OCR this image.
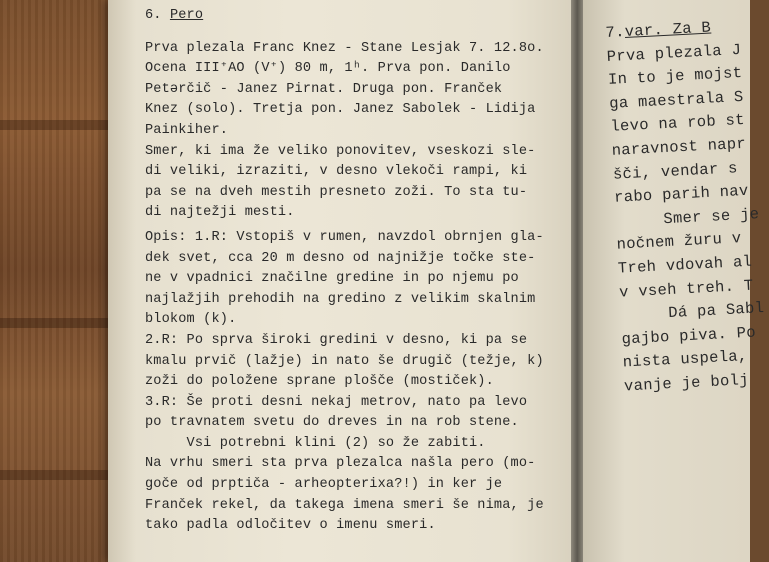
7.var. Za B
Prva plezala J
In to je mojst
ga maestrala S
levo na rob st
naravnost napr
šči, vendar s
rabo parih nav
Smer se je
nočnem žuru v
Treh vdovah al
v vseh treh. T
Dá pa Sabl
gajbo piva. Po
nista uspela,
vanje je bolj
6. Pero
Prva plezala Franc Knez - Stane Lesjak 7. 12.8o.
Ocena III⁺AO (V⁺) 80 m, 1ʰ. Prva pon. Danilo
Petərčič - Janez Pirnat. Druga pon. Franček
Knez (solo). Tretja pon. Janez Sabolek - Lidija
Painkiher.
Smer, ki ima že veliko ponovitev, vseskozi sle-
di veliki, izraziti, v desno vlekoči rampi, ki
pa se na dveh mestih presneto zoži. To sta tu-
di najtežji mesti.
Opis: 1.R: Vstopiš v rumen, navzdol obrnjen gla-
dek svet, cca 20 m desno od najnižje točke ste-
ne v vpadnici značilne gredine in po njemu po
najlažjih prehodih na gredino z velikim skalnim
blokom (k).
2.R: Po sprva široki gredini v desno, ki pa se
kmalu prvič (lažje) in nato še drugič (težje, k)
zoži do položene sprane plošče (mostiček).
3.R: Še proti desni nekaj metrov, nato pa levo
po travnatem svetu do dreves in na rob stene.
Vsi potrebni klini (2) so že zabiti.
Na vrhu smeri sta prva plezalca našla pero (mo-
goče od prptiča - arheopterixa?!) in ker je
Franček rekel, da takega imena smeri še nima, je
tako padla odločitev o imenu smeri.
